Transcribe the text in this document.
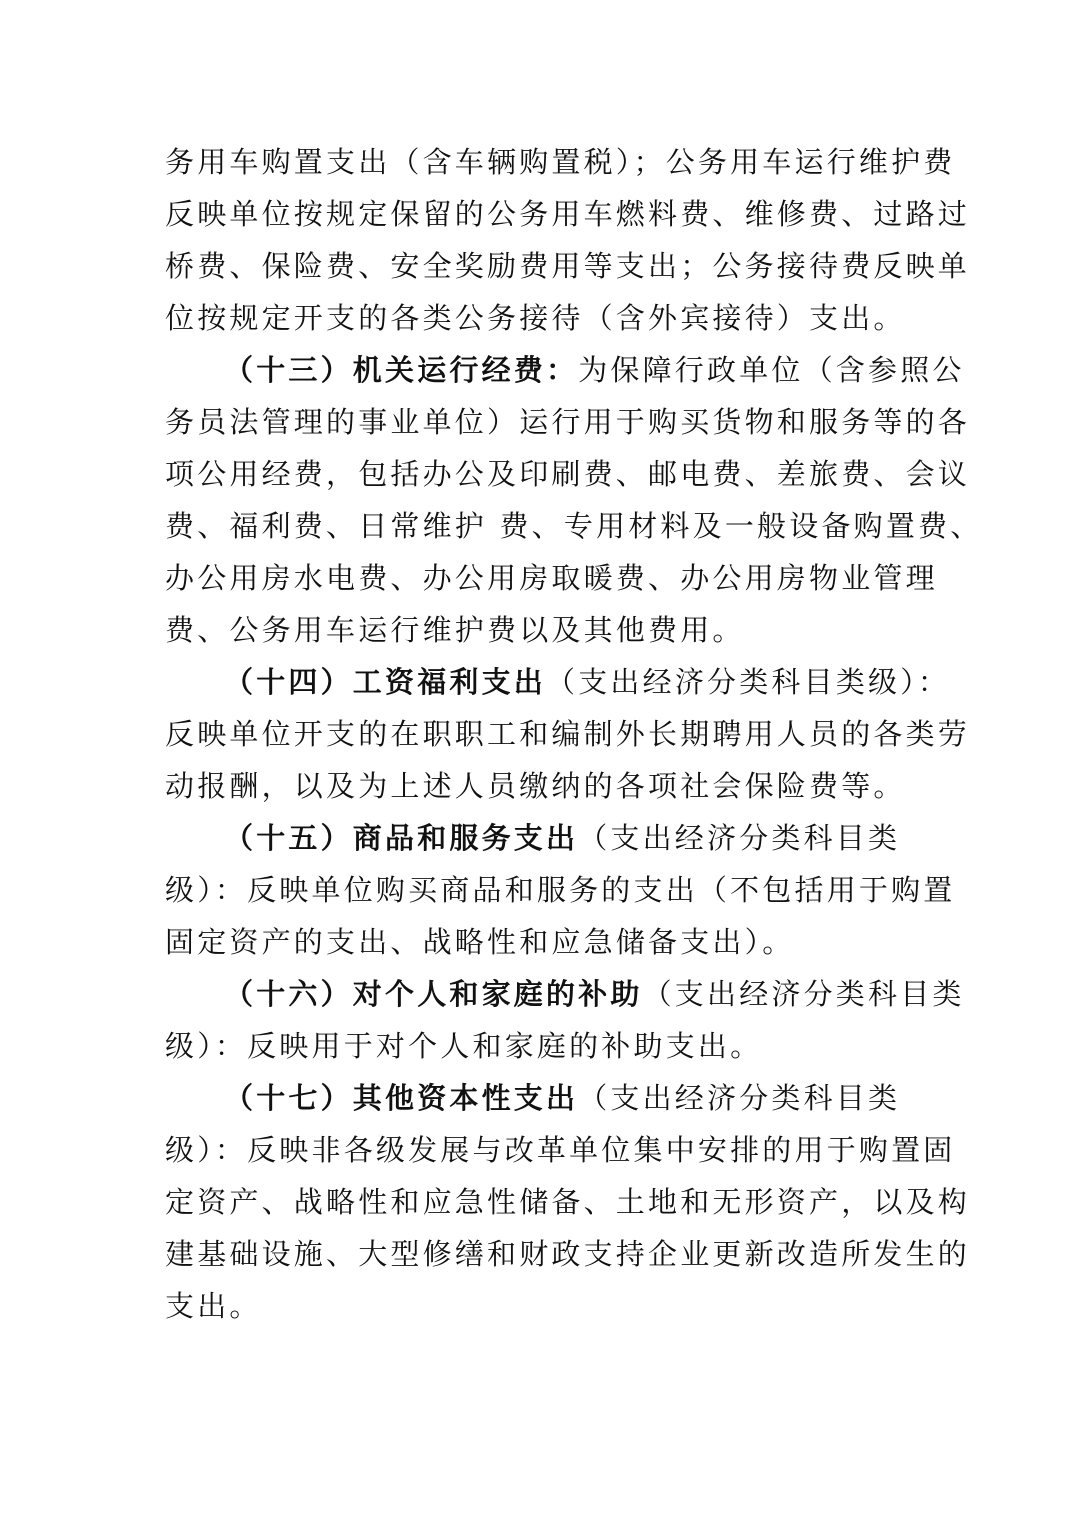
务用车购置支出（含车辆购置税）；公务用车运行维护费
反映单位按规定保留的公务用车燃料费、维修费、过路过
桥费、保险费、安全奖励费用等支出；公务接待费反映单
位按规定开支的各类公务接待（含外宾接待）支出。
（十三）机关运行经费：为保障行政单位（含参照公
务员法管理的事业单位）运行用于购买货物和服务等的各
项公用经费，包括办公及印刷费、邮电费、差旅费、会议
费、福利费、日常维护 费、专用材料及一般设备购置费、
办公用房水电费、办公用房取暖费、办公用房物业管理
费、公务用车运行维护费以及其他费用。
（十四）工资福利支出（支出经济分类科目类级）：
反映单位开支的在职职工和编制外长期聘用人员的各类劳
动报酬，以及为上述人员缴纳的各项社会保险费等。
（十五）商品和服务支出（支出经济分类科目类
级）：反映单位购买商品和服务的支出（不包括用于购置
固定资产的支出、战略性和应急储备支出）。
（十六）对个人和家庭的补助（支出经济分类科目类
级）：反映用于对个人和家庭的补助支出。
（十七）其他资本性支出（支出经济分类科目类
级）：反映非各级发展与改革单位集中安排的用于购置固
定资产、战略性和应急性储备、土地和无形资产，以及构
建基础设施、大型修缮和财政支持企业更新改造所发生的
支出。
